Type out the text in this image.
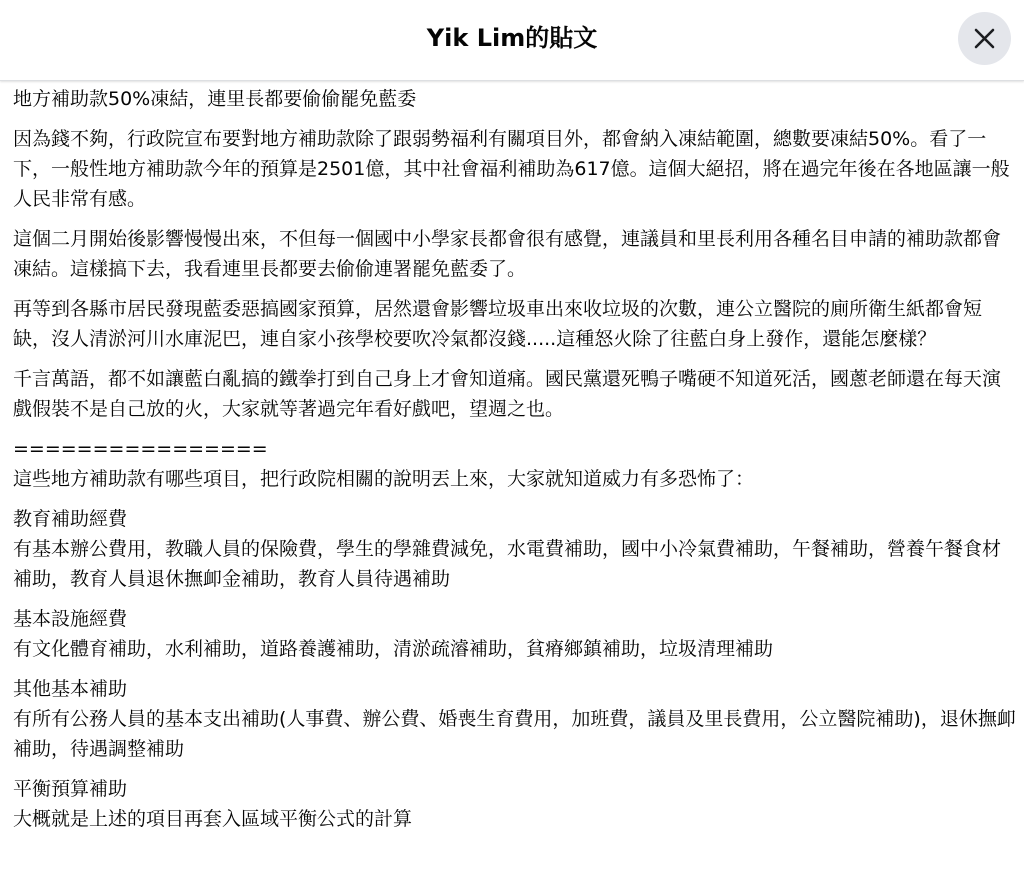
Yik Lim的貼文

地方補助款50%凍結，連里長都要偷偷罷免藍委

因為錢不夠，行政院宣布要對地方補助款除了跟弱勢福利有關項目外，都會納入凍結範圍，總數要凍結50%。看了一下，一般性地方補助款今年的預算是2501億，其中社會福利補助為617億。這個大絕招，將在過完年後在各地區讓一般人民非常有感。

這個二月開始後影響慢慢出來，不但每一個國中小學家長都會很有感覺，連議員和里長利用各種名目申請的補助款都會凍結。這樣搞下去，我看連里長都要去偷偷連署罷免藍委了。

再等到各縣市居民發現藍委惡搞國家預算，居然還會影響垃圾車出來收垃圾的次數，連公立醫院的廁所衛生紙都會短缺，沒人清淤河川水庫泥巴，連自家小孩學校要吹冷氣都沒錢.....這種怒火除了往藍白身上發作，還能怎麼樣？

千言萬語，都不如讓藍白亂搞的鐵拳打到自己身上才會知道痛。國民黨還死鴨子嘴硬不知道死活，國蔥老師還在每天演戲假裝不是自己放的火，大家就等著過完年看好戲吧，望週之也。

================

這些地方補助款有哪些項目，把行政院相關的說明丟上來，大家就知道威力有多恐怖了：

教育補助經費

有基本辦公費用，教職人員的保險費，學生的學雜費減免，水電費補助，國中小冷氣費補助，午餐補助，營養午餐食材補助，教育人員退休撫卹金補助，教育人員待遇補助

基本設施經費

有文化體育補助，水利補助，道路養護補助，清淤疏濬補助，貧瘠鄉鎮補助，垃圾清理補助

其他基本補助

有所有公務人員的基本支出補助(人事費、辦公費、婚喪生育費用，加班費，議員及里長費用，公立醫院補助)，退休撫卹補助，待遇調整補助

平衡預算補助

大概就是上述的項目再套入區域平衡公式的計算
